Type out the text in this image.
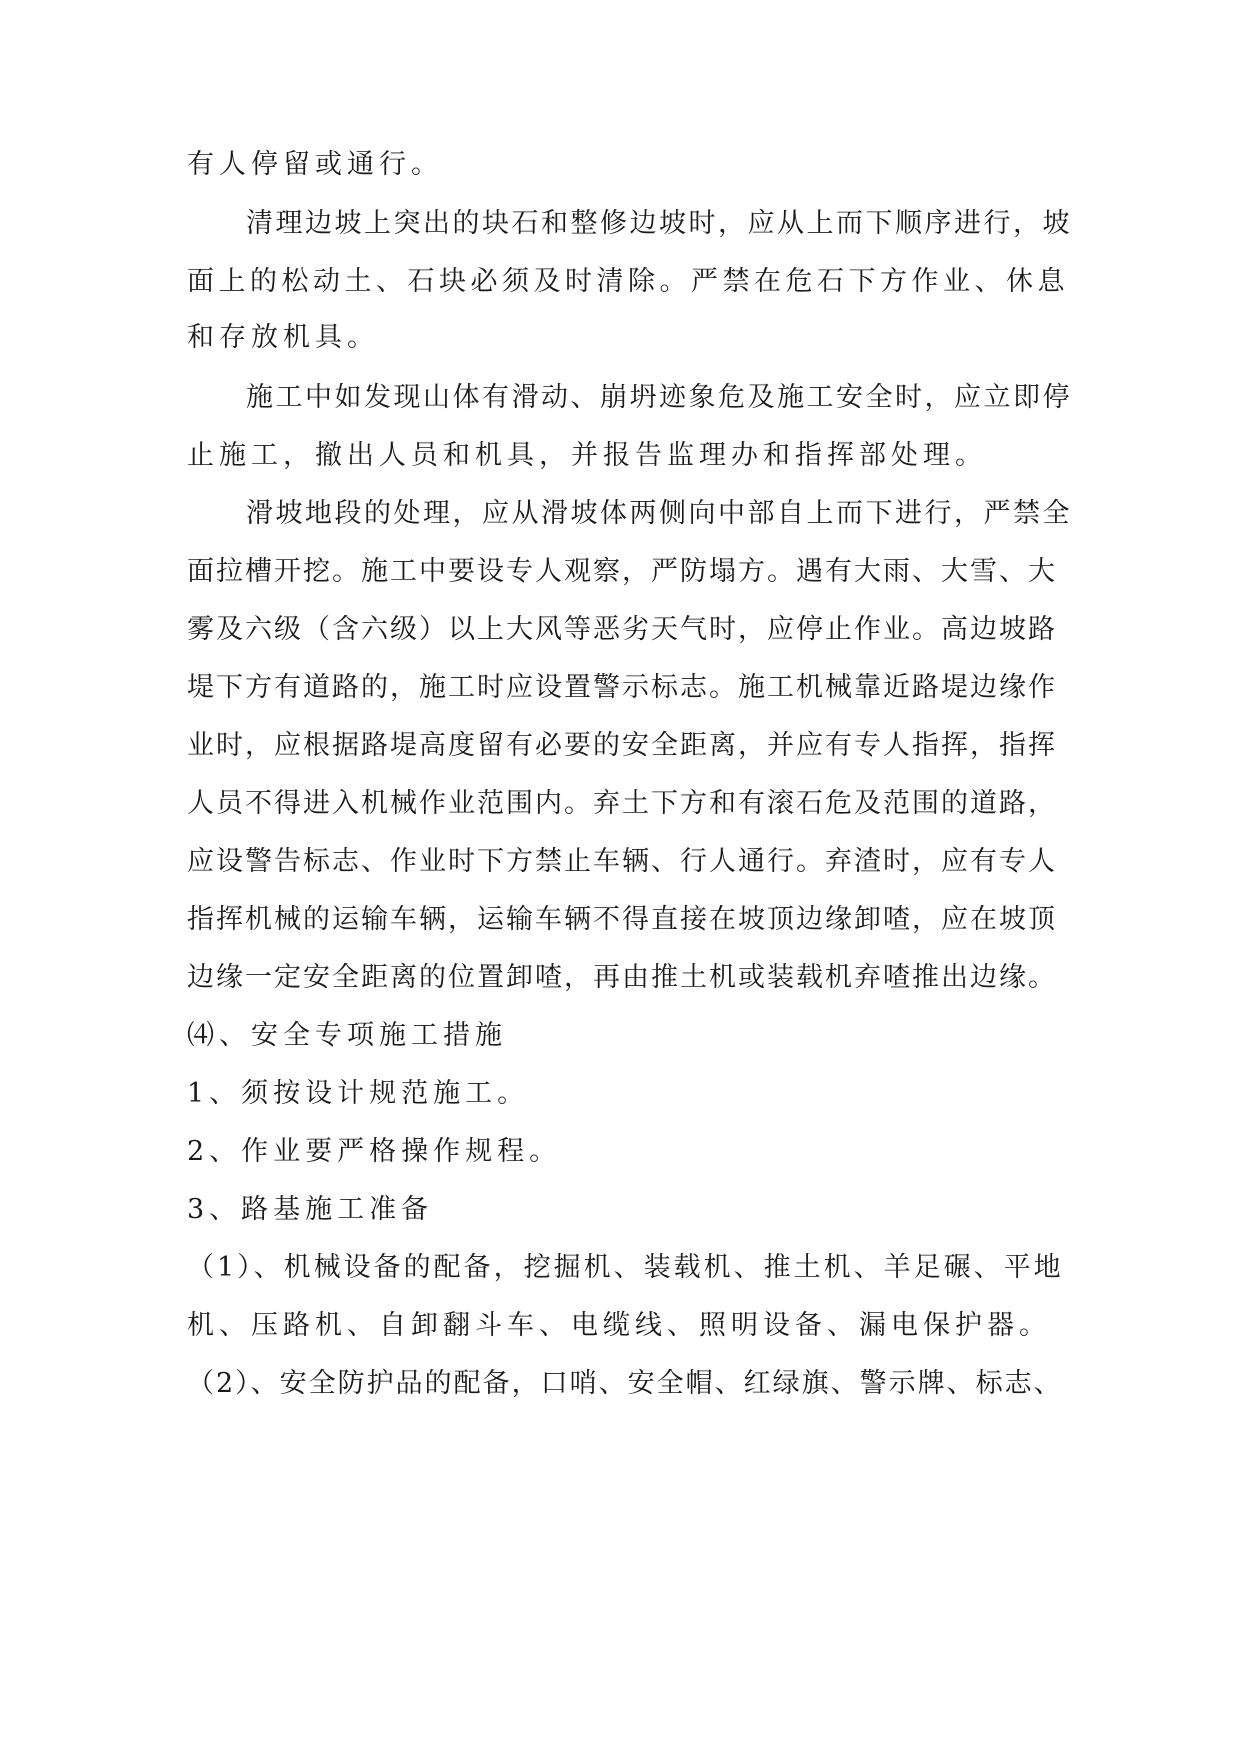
有人停留或通行。

清理边坡上突出的块石和整修边坡时，应从上而下顺序进行，坡

面上的松动土、石块必须及时清除。严禁在危石下方作业、休息

和存放机具。

施工中如发现山体有滑动、崩坍迹象危及施工安全时，应立即停

止施工，撤出人员和机具，并报告监理办和指挥部处理。

滑坡地段的处理，应从滑坡体两侧向中部自上而下进行，严禁全

面拉槽开挖。施工中要设专人观察，严防塌方。遇有大雨、大雪、大

雾及六级（含六级）以上大风等恶劣天气时，应停止作业。高边坡路

堤下方有道路的，施工时应设置警示标志。施工机械靠近路堤边缘作

业时，应根据路堤高度留有必要的安全距离，并应有专人指挥，指挥

人员不得进入机械作业范围内。弃土下方和有滚石危及范围的道路，

应设警告标志、作业时下方禁止车辆、行人通行。弃渣时，应有专人

指挥机械的运输车辆，运输车辆不得直接在坡顶边缘卸喳，应在坡顶

边缘一定安全距离的位置卸喳，再由推土机或装载机弃喳推出边缘。

⑷、安全专项施工措施

1、须按设计规范施工。

2、作业要严格操作规程。

3、路基施工准备

（1）、机械设备的配备，挖掘机、装载机、推土机、羊足碾、平地

机、压路机、自卸翻斗车、电缆线、照明设备、漏电保护器。

（2）、安全防护品的配备，口哨、安全帽、红绿旗、警示牌、标志、
